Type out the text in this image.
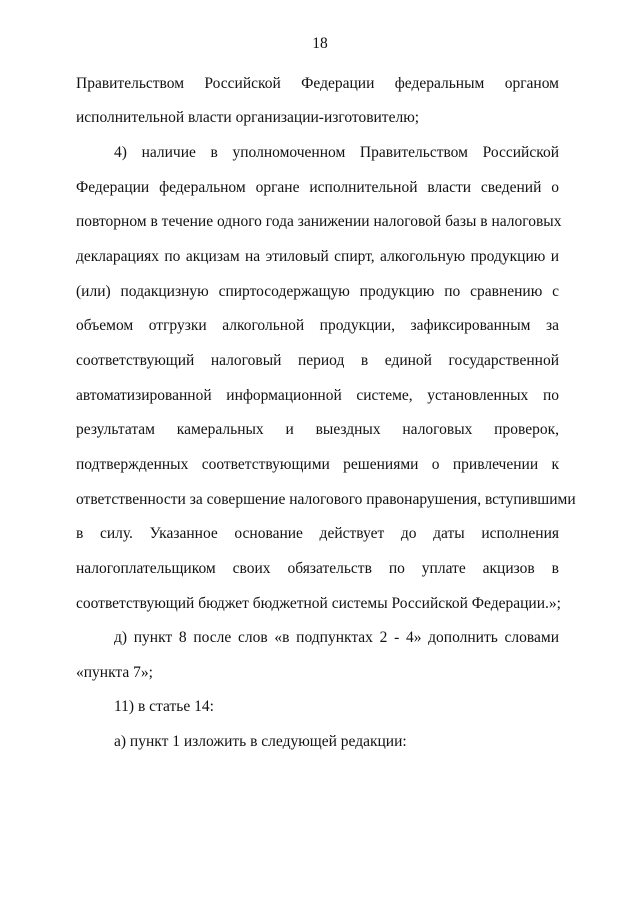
18
Правительством Российской Федерации федеральным органом
исполнительной власти организации-изготовителю;
4) наличие в уполномоченном Правительством Российской
Федерации федеральном органе исполнительной власти сведений о
повторном в течение одного года занижении налоговой базы в налоговых
декларациях по акцизам на этиловый спирт, алкогольную продукцию и
(или) подакцизную спиртосодержащую продукцию по сравнению с
объемом отгрузки алкогольной продукции, зафиксированным за
соответствующий налоговый период в единой государственной
автоматизированной информационной системе, установленных по
результатам камеральных и выездных налоговых проверок,
подтвержденных соответствующими решениями о привлечении к
ответственности за совершение налогового правонарушения, вступившими
в силу. Указанное основание действует до даты исполнения
налогоплательщиком своих обязательств по уплате акцизов в
соответствующий бюджет бюджетной системы Российской Федерации.»;
д) пункт 8 после слов «в подпунктах 2 - 4» дополнить словами
«пункта 7»;
11) в статье 14:
а) пункт 1 изложить в следующей редакции:
